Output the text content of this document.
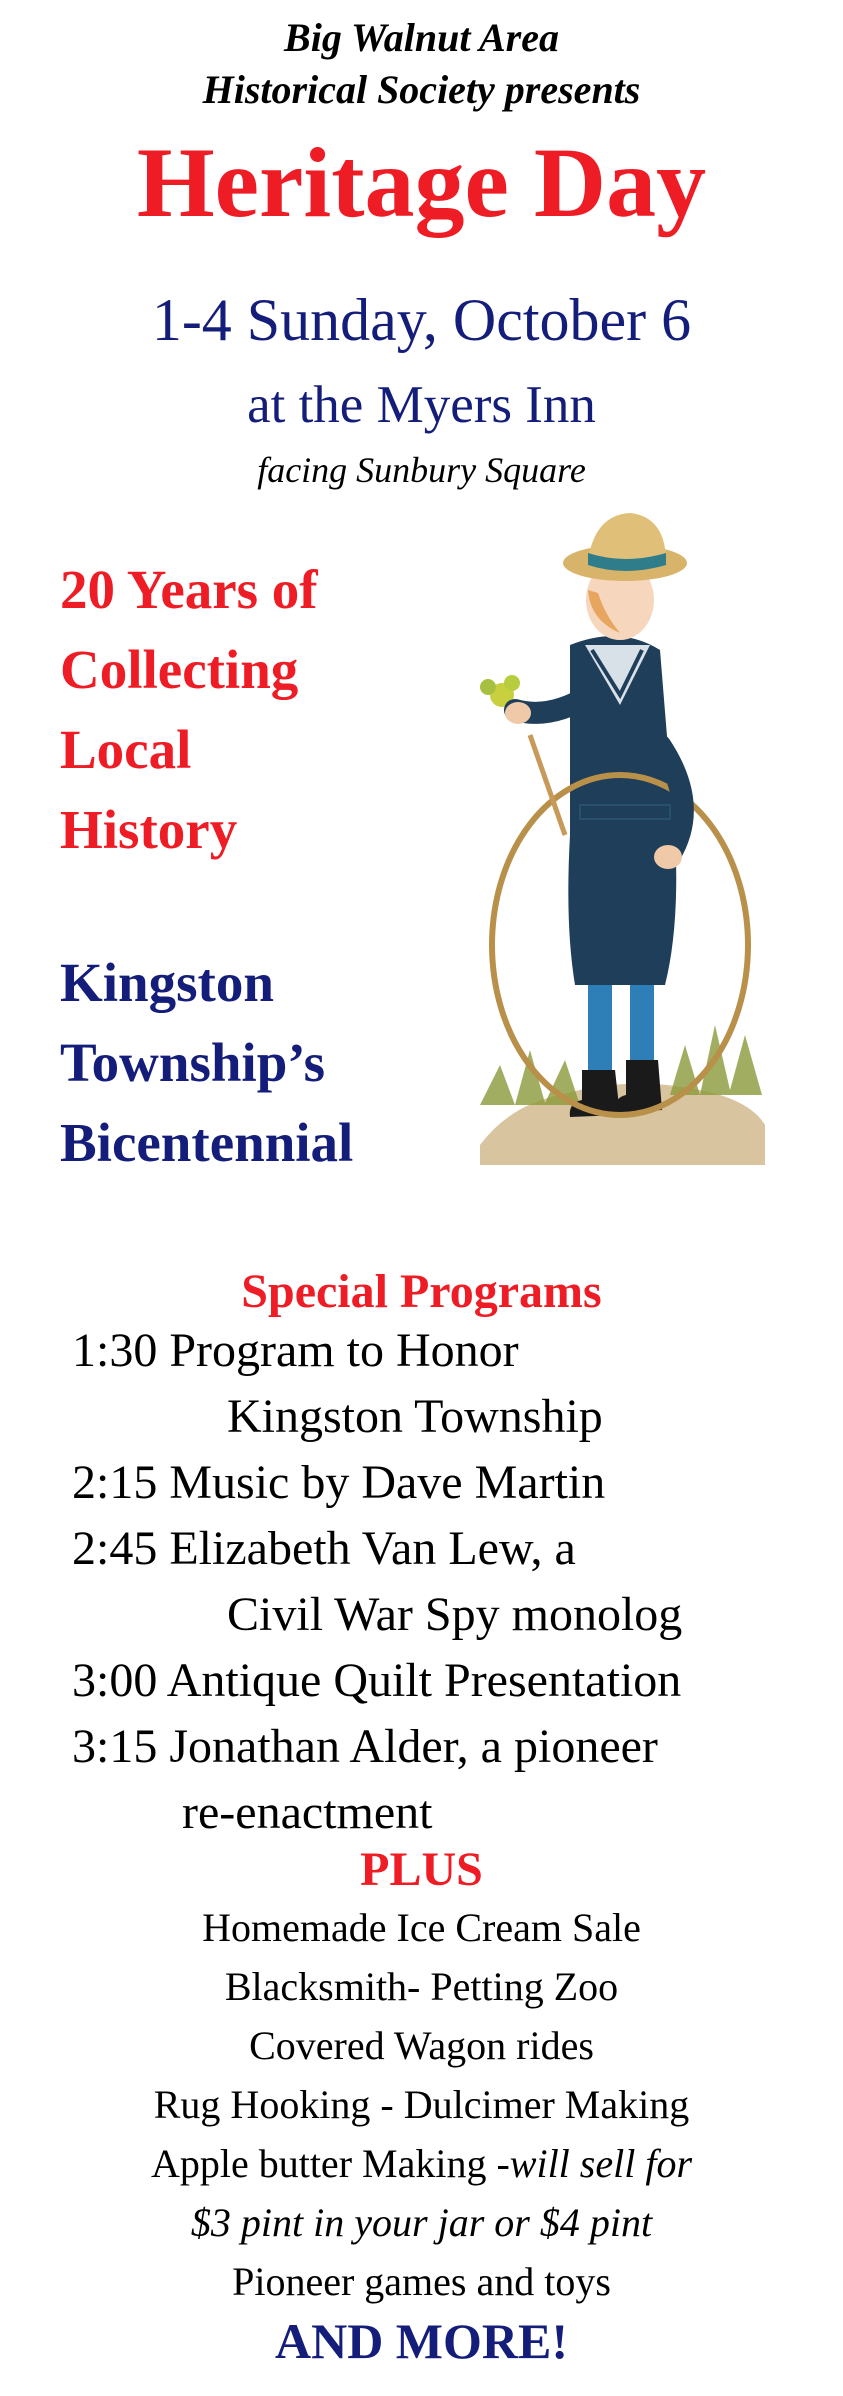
Big Walnut Area
Historical Society presents
Heritage Day
1-4 Sunday, October 6
at the Myers Inn
facing Sunbury Square
20 Years of
Collecting
Local
History
Kingston
Township’s
Bicentennial
Special Programs
1:30 Program to Honor
Kingston Township
2:15 Music by Dave Martin
2:45 Elizabeth Van Lew, a
Civil War Spy monolog
3:00 Antique Quilt Presentation
3:15 Jonathan Alder, a pioneer
re-enactment
PLUS
Homemade Ice Cream Sale
Blacksmith- Petting Zoo
Covered Wagon rides
Rug Hooking - Dulcimer Making
Apple butter Making -will sell for
$3 pint in your jar or $4 pint
Pioneer games and toys
AND MORE!
